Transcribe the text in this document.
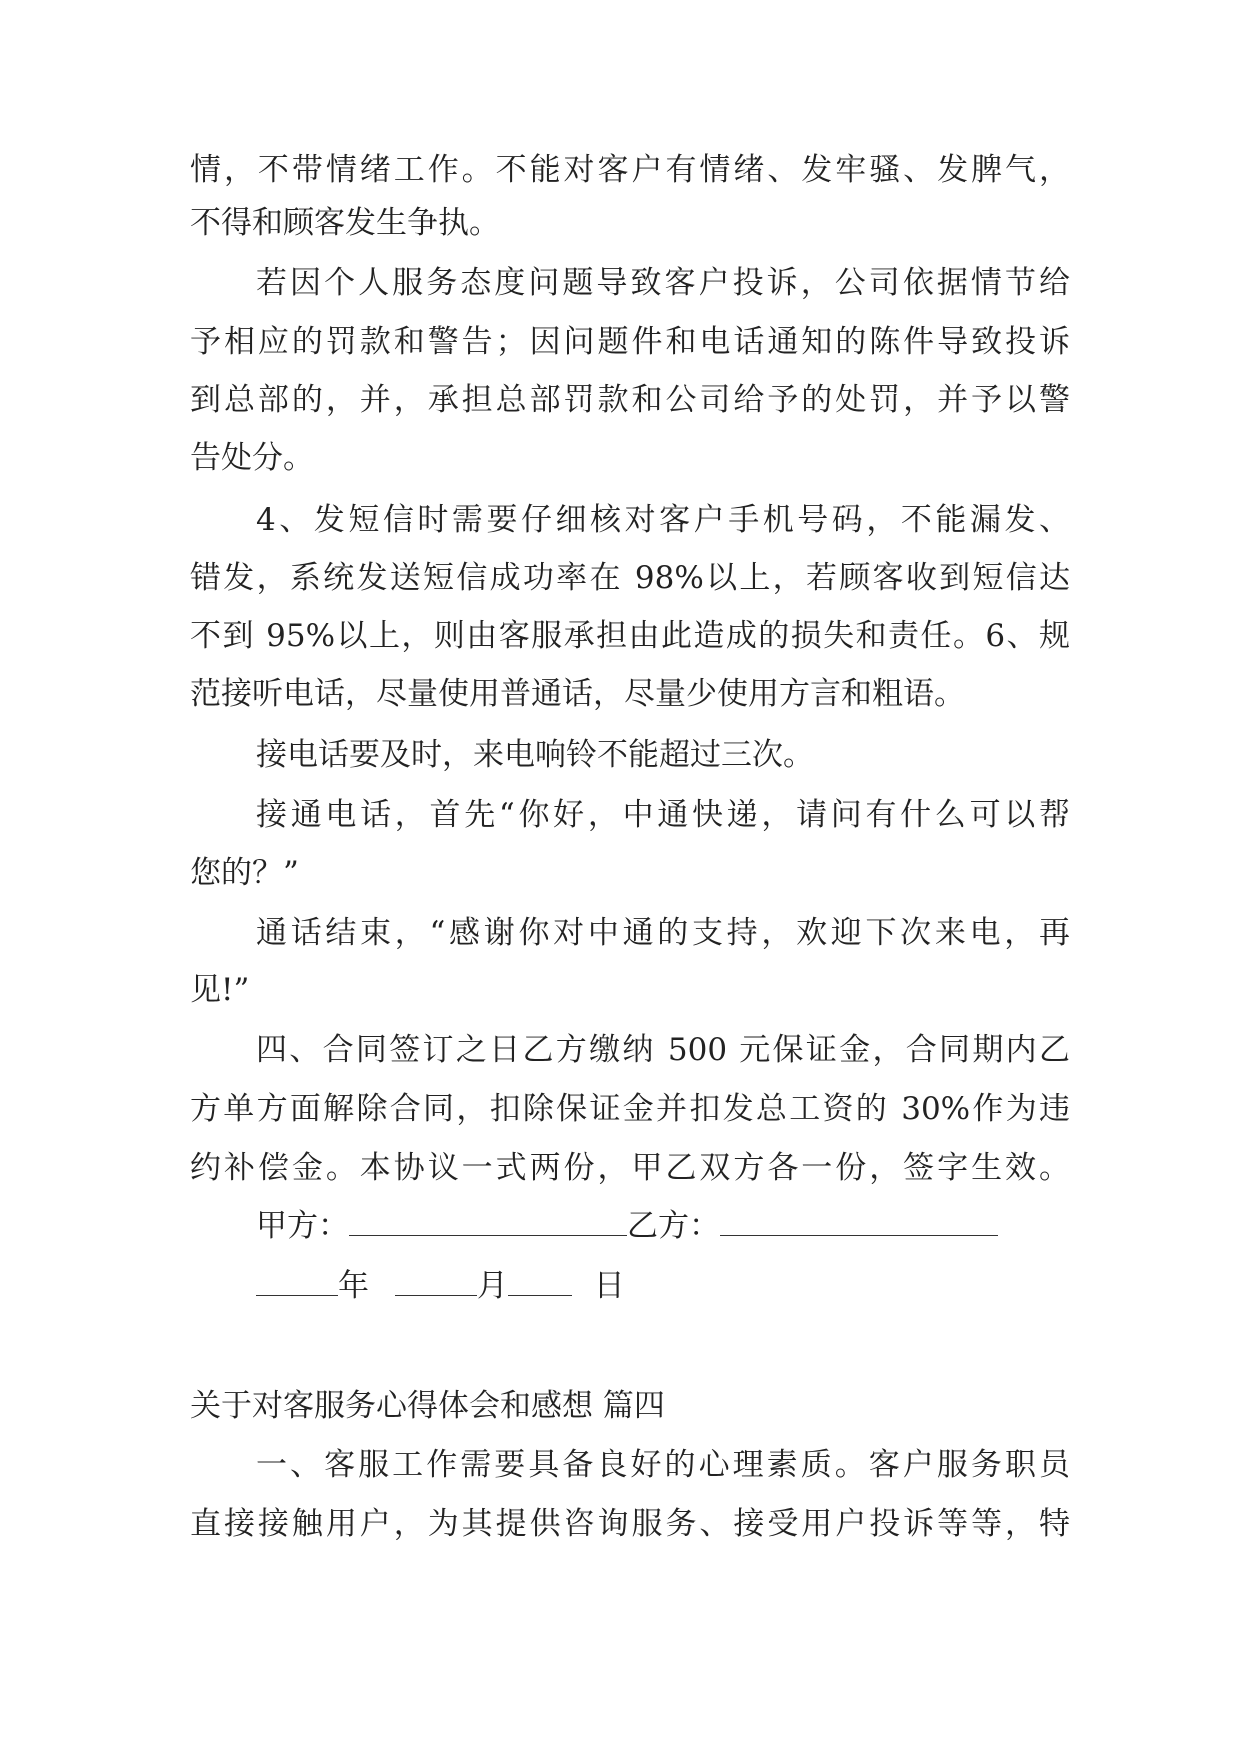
情，不带情绪工作。不能对客户有情绪、发牢骚、发脾气，
不得和顾客发生争执。
若因个人服务态度问题导致客户投诉，公司依据情节给
予相应的罚款和警告；因问题件和电话通知的陈件导致投诉
到总部的，并，承担总部罚款和公司给予的处罚，并予以警
告处分。
4、发短信时需要仔细核对客户手机号码，不能漏发、
错发，系统发送短信成功率在 98%以上，若顾客收到短信达
不到 95%以上，则由客服承担由此造成的损失和责任。6、规
范接听电话，尽量使用普通话，尽量少使用方言和粗语。
接电话要及时，来电响铃不能超过三次。
接通电话，首先“你好，中通快递，请问有什么可以帮
您的？”
通话结束，“感谢你对中通的支持，欢迎下次来电，再
见!”
四、合同签订之日乙方缴纳 500 元保证金，合同期内乙
方单方面解除合同，扣除保证金并扣发总工资的 30%作为违
约补偿金。本协议一式两份，甲乙双方各一份，签字生效。
甲方：	乙方：
年	月	日
关于对客服务心得体会和感想 篇四
一、客服工作需要具备良好的心理素质。客户服务职员
直接接触用户，为其提供咨询服务、接受用户投诉等等，特
